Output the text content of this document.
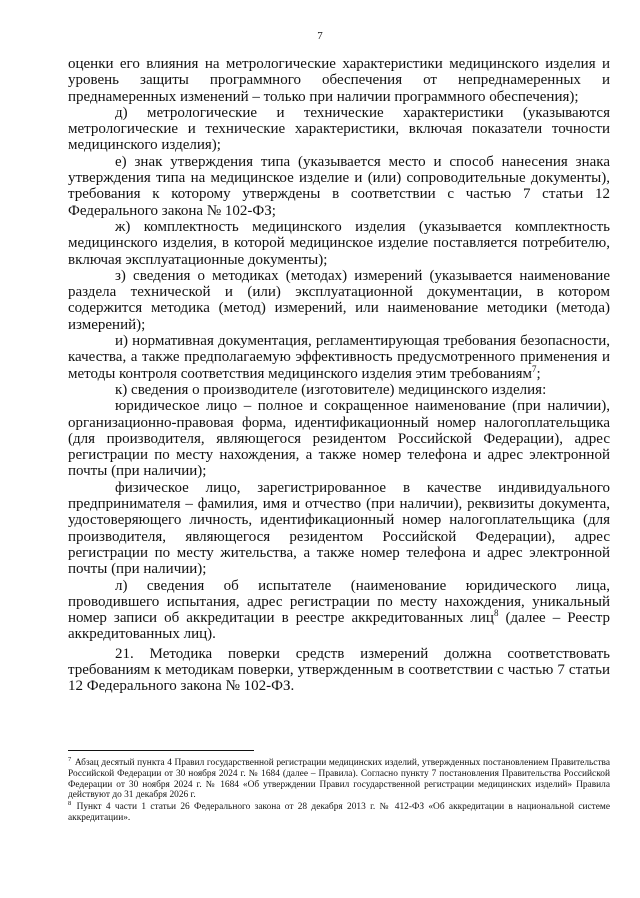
7

оценки его влияния на метрологические характеристики медицинского изделия и уровень защиты программного обеспечения от непреднамеренных и преднамеренных изменений – только при наличии программного обеспечения);

д) метрологические и технические характеристики (указываются метрологические и технические характеристики, включая показатели точности медицинского изделия);

е) знак утверждения типа (указывается место и способ нанесения знака утверждения типа на медицинское изделие и (или) сопроводительные документы), требования к которому утверждены в соответствии с частью 7 статьи 12 Федерального закона № 102-ФЗ;

ж) комплектность медицинского изделия (указывается комплектность медицинского изделия, в которой медицинское изделие поставляется потребителю, включая эксплуатационные документы);

з) сведения о методиках (методах) измерений (указывается наименование раздела технической и (или) эксплуатационной документации, в котором содержится методика (метод) измерений, или наименование методики (метода) измерений);

и) нормативная документация, регламентирующая требования безопасности, качества, а также предполагаемую эффективность предусмотренного применения и методы контроля соответствия медицинского изделия этим требованиям$^7$;

к) сведения о производителе (изготовителе) медицинского изделия:

юридическое лицо – полное и сокращенное наименование (при наличии), организационно-правовая форма, идентификационный номер налогоплательщика (для производителя, являющегося резидентом Российской Федерации), адрес регистрации по месту нахождения, а также номер телефона и адрес электронной почты (при наличии);

физическое лицо, зарегистрированное в качестве индивидуального предпринимателя – фамилия, имя и отчество (при наличии), реквизиты документа, удостоверяющего личность, идентификационный номер налогоплательщика (для производителя, являющегося резидентом Российской Федерации), адрес регистрации по месту жительства, а также номер телефона и адрес электронной почты (при наличии);

л) сведения об испытателе (наименование юридического лица, проводившего испытания, адрес регистрации по месту нахождения, уникальный номер записи об аккредитации в реестре аккредитованных лиц$^8$ (далее – Реестр аккредитованных лиц).

21. Методика поверки средств измерений должна соответствовать требованиям к методикам поверки, утвержденным в соответствии с частью 7 статьи 12 Федерального закона № 102-ФЗ.

$^7$ Абзац десятый пункта 4 Правил государственной регистрации медицинских изделий, утвержденных постановлением Правительства Российской Федерации от 30 ноября 2024 г. № 1684 (далее – Правила). Согласно пункту 7 постановления Правительства Российской Федерации от 30 ноября 2024 г. № 1684 «Об утверждении Правил государственной регистрации медицинских изделий» Правила действуют до 31 декабря 2026 г.

$^8$ Пункт 4 части 1 статьи 26 Федерального закона от 28 декабря 2013 г. № 412-ФЗ «Об аккредитации в национальной системе аккредитации».
